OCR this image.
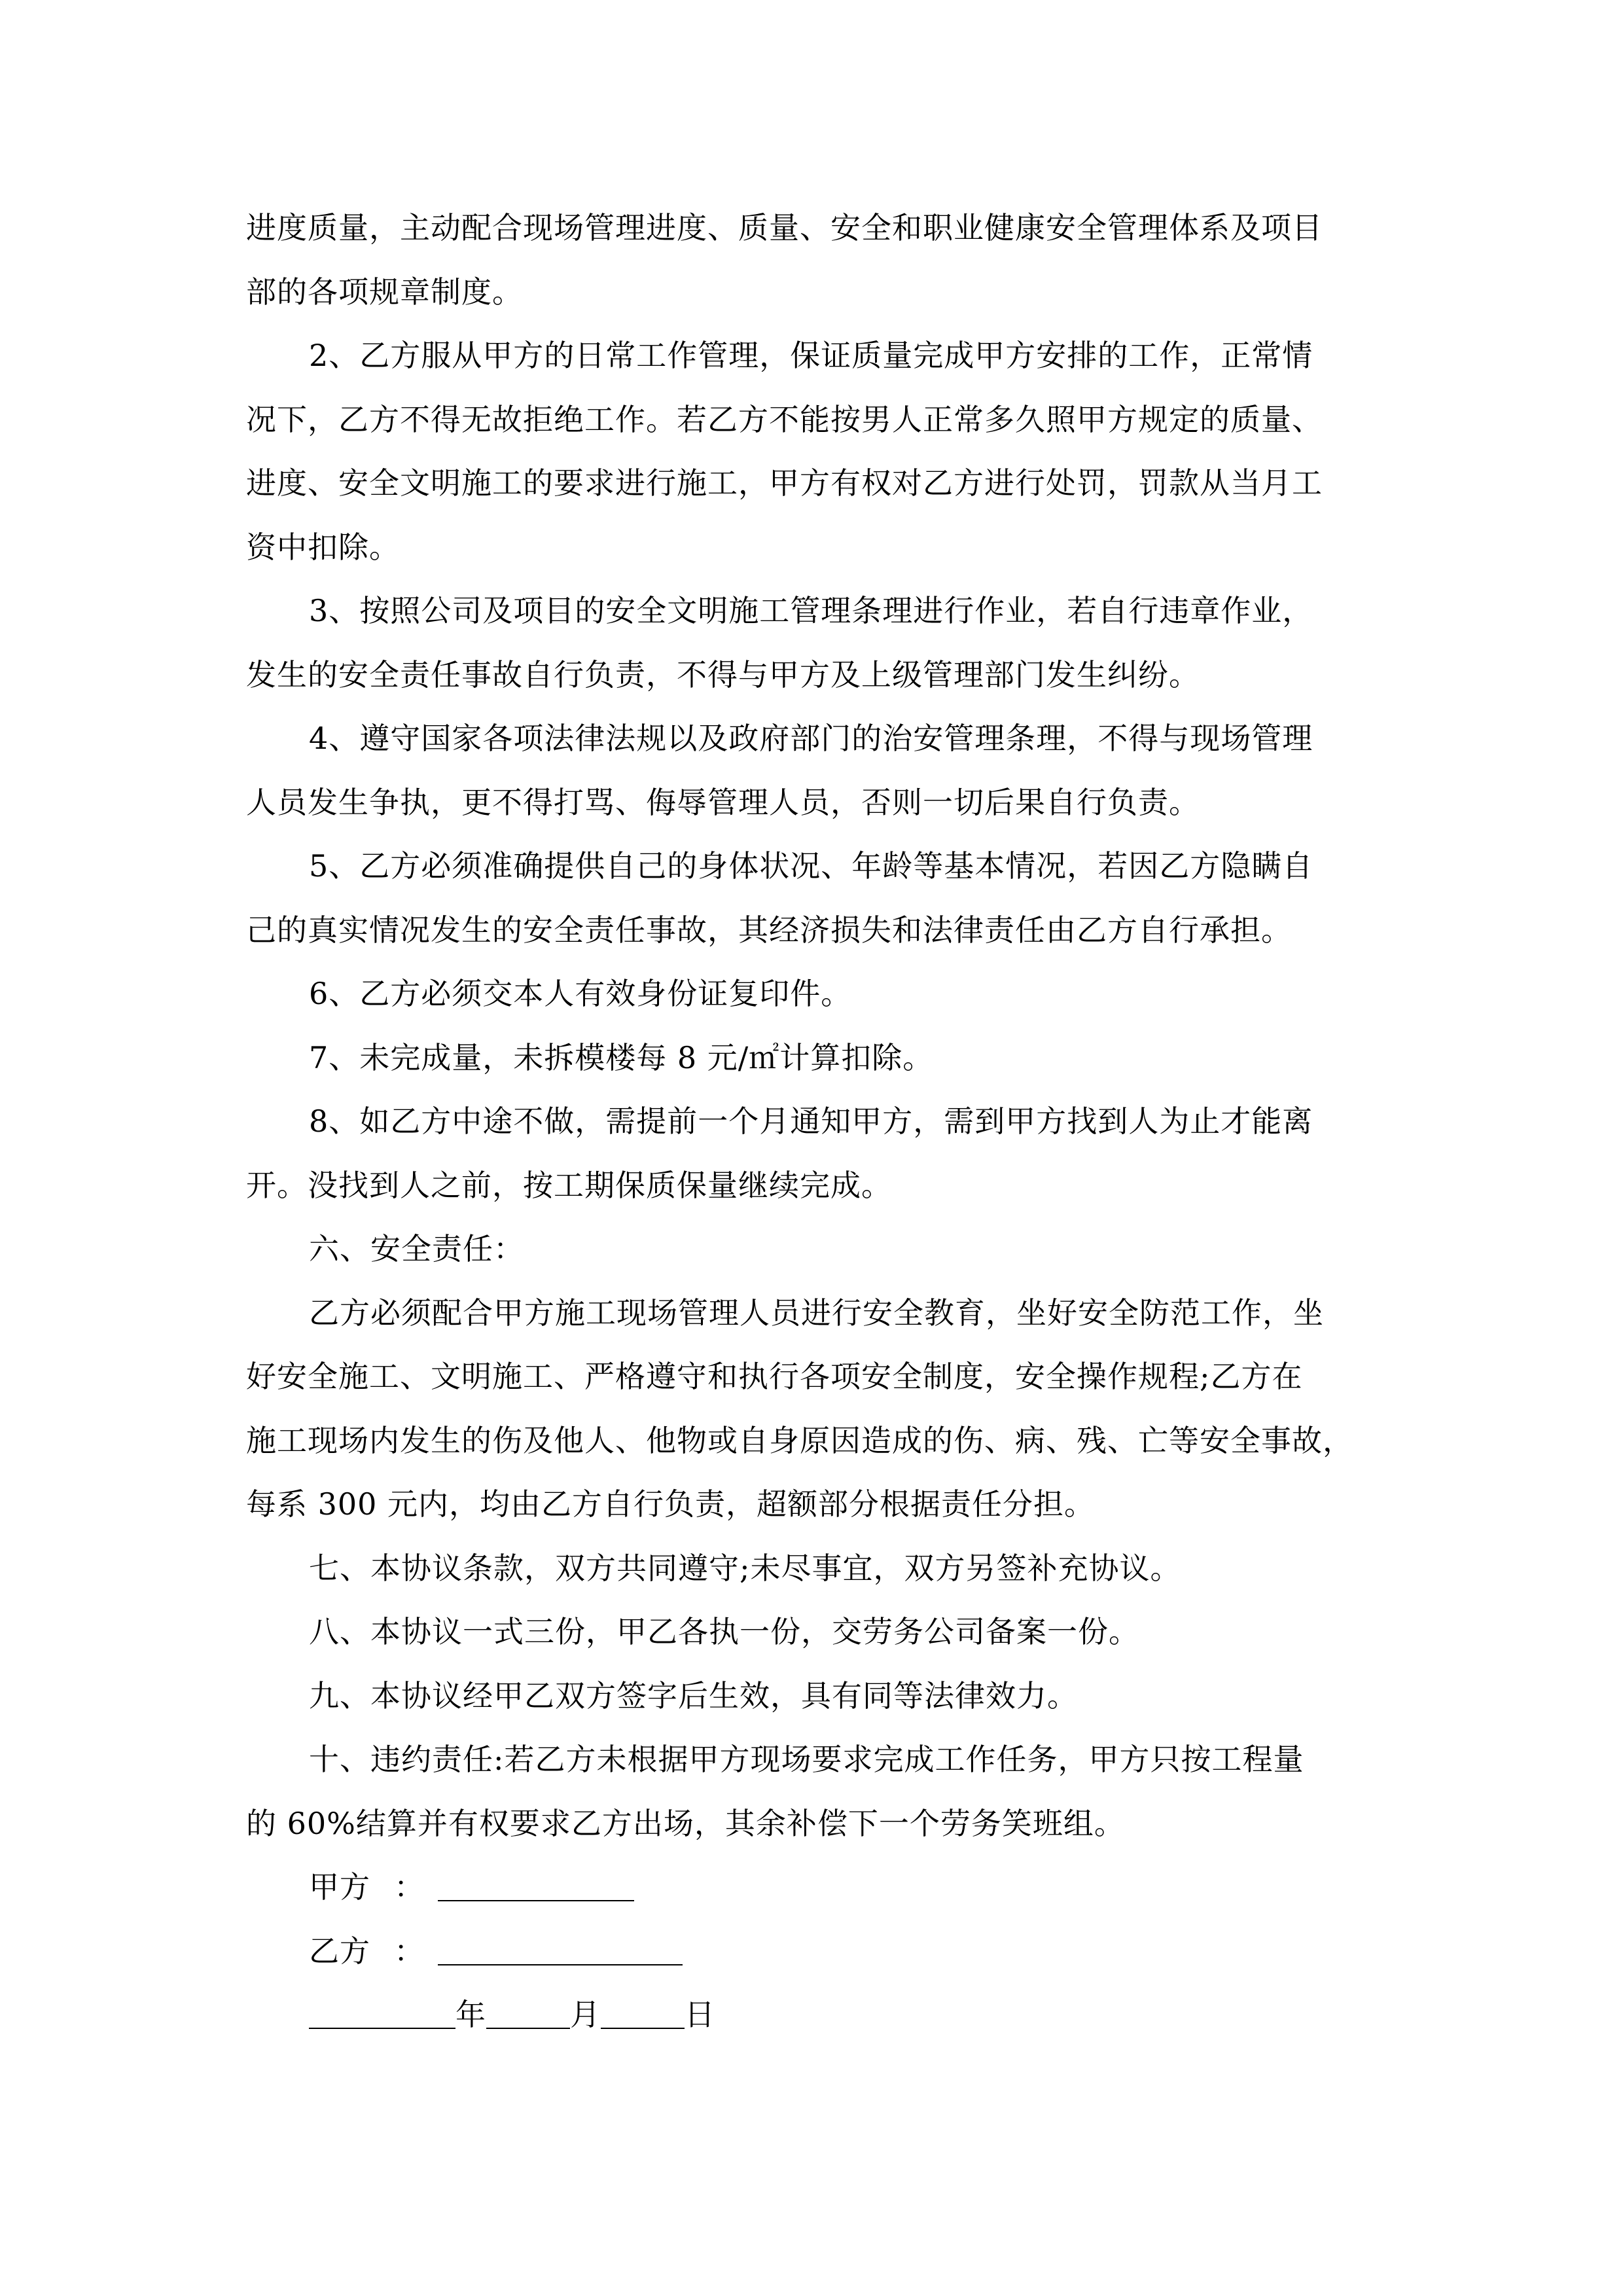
进度质量，主动配合现场管理进度、质量、安全和职业健康安全管理体系及项目
部的各项规章制度。
2、乙方服从甲方的日常工作管理，保证质量完成甲方安排的工作，正常情
况下，乙方不得无故拒绝工作。若乙方不能按男人正常多久照甲方规定的质量、
进度、安全文明施工的要求进行施工，甲方有权对乙方进行处罚，罚款从当月工
资中扣除。
3、按照公司及项目的安全文明施工管理条理进行作业，若自行违章作业，
发生的安全责任事故自行负责，不得与甲方及上级管理部门发生纠纷。
4、遵守国家各项法律法规以及政府部门的治安管理条理，不得与现场管理
人员发生争执，更不得打骂、侮辱管理人员，否则一切后果自行负责。
5、乙方必须准确提供自己的身体状况、年龄等基本情况，若因乙方隐瞒自
己的真实情况发生的安全责任事故，其经济损失和法律责任由乙方自行承担。
6、乙方必须交本人有效身份证复印件。
7、未完成量，未拆模楼每 8 元/㎡计算扣除。
8、如乙方中途不做，需提前一个月通知甲方，需到甲方找到人为止才能离
开。没找到人之前，按工期保质保量继续完成。
六、安全责任：
乙方必须配合甲方施工现场管理人员进行安全教育，坐好安全防范工作，坐
好安全施工、文明施工、严格遵守和执行各项安全制度，安全操作规程;乙方在
施工现场内发生的伤及他人、他物或自身原因造成的伤、病、残、亡等安全事故，
每系 300 元内，均由乙方自行负责，超额部分根据责任分担。
七、本协议条款，双方共同遵守;未尽事宜，双方另签补充协议。
八、本协议一式三份，甲乙各执一份，交劳务公司备案一份。
九、本协议经甲乙双方签字后生效，具有同等法律效力。
十、违约责任:若乙方未根据甲方现场要求完成工作任务，甲方只按工程量
的 60%结算并有权要求乙方出场，其余补偿下一个劳务笑班组。
甲方 ：
乙方 ：
年	月	日
